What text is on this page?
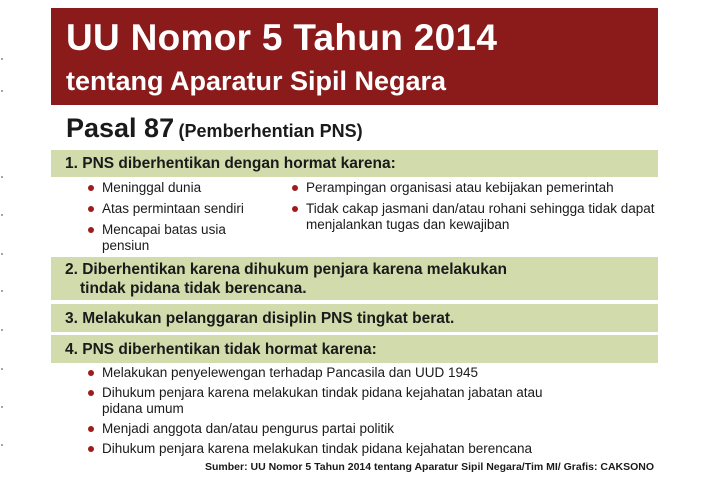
UU Nomor 5 Tahun 2014
tentang Aparatur Sipil Negara
Pasal 87 (Pemberhentian PNS)
1. PNS diberhentikan dengan hormat karena:
Meninggal dunia
Atas permintaan sendiri
Mencapai batas usia pensiun
Perampingan organisasi atau kebijakan pemerintah
Tidak cakap jasmani dan/atau rohani sehingga tidak dapat menjalankan tugas dan kewajiban
2. Diberhentikan karena dihukum penjara karena melakukan
tindak pidana tidak berencana.
3. Melakukan pelanggaran disiplin PNS tingkat berat.
4. PNS diberhentikan tidak hormat karena:
Melakukan penyelewengan terhadap Pancasila dan UUD 1945
Dihukum penjara karena melakukan tindak pidana kejahatan jabatan atau pidana umum
Menjadi anggota dan/atau pengurus partai politik
Dihukum penjara karena melakukan tindak pidana kejahatan berencana
Sumber: UU Nomor 5 Tahun 2014 tentang Aparatur Sipil Negara/Tim MI/ Grafis: CAKSONO
